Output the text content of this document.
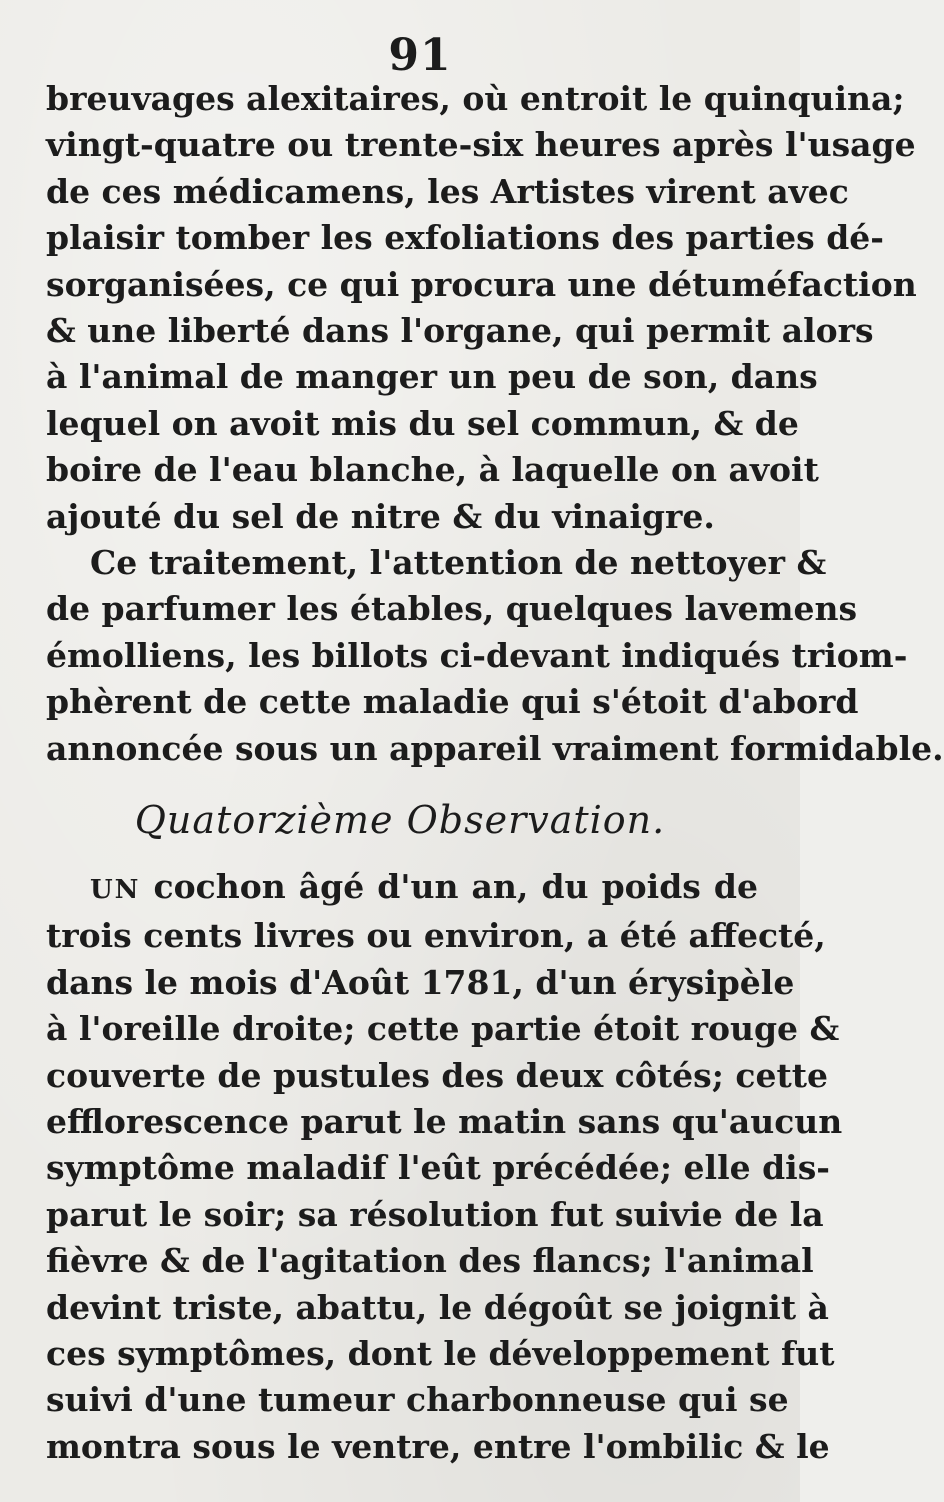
91
breuvages alexitaires, où entroit le quinquina;
vingt-quatre ou trente-six heures après l'usage
de ces médicamens, les Artistes virent avec
plaisir tomber les exfoliations des parties dé-
sorganisées, ce qui procura une détuméfaction
& une liberté dans l'organe, qui permit alors
à l'animal de manger un peu de son, dans
lequel on avoit mis du sel commun, & de
boire de l'eau blanche, à laquelle on avoit
ajouté du sel de nitre & du vinaigre.
Ce traitement, l'attention de nettoyer &
de parfumer les étables, quelques lavemens
émolliens, les billots ci-devant indiqués triom-
phèrent de cette maladie qui s'étoit d'abord
annoncée sous un appareil vraiment formidable.
Quatorzième Observation.
UN cochon âgé d'un an, du poids de
trois cents livres ou environ, a été affecté,
dans le mois d'Août 1781, d'un érysipèle
à l'oreille droite; cette partie étoit rouge &
couverte de pustules des deux côtés; cette
efflorescence parut le matin sans qu'aucun
symptôme maladif l'eût précédée; elle dis-
parut le soir; sa résolution fut suivie de la
fièvre & de l'agitation des flancs; l'animal
devint triste, abattu, le dégoût se joignit à
ces symptômes, dont le développement fut
suivi d'une tumeur charbonneuse qui se
montra sous le ventre, entre l'ombilic & le
